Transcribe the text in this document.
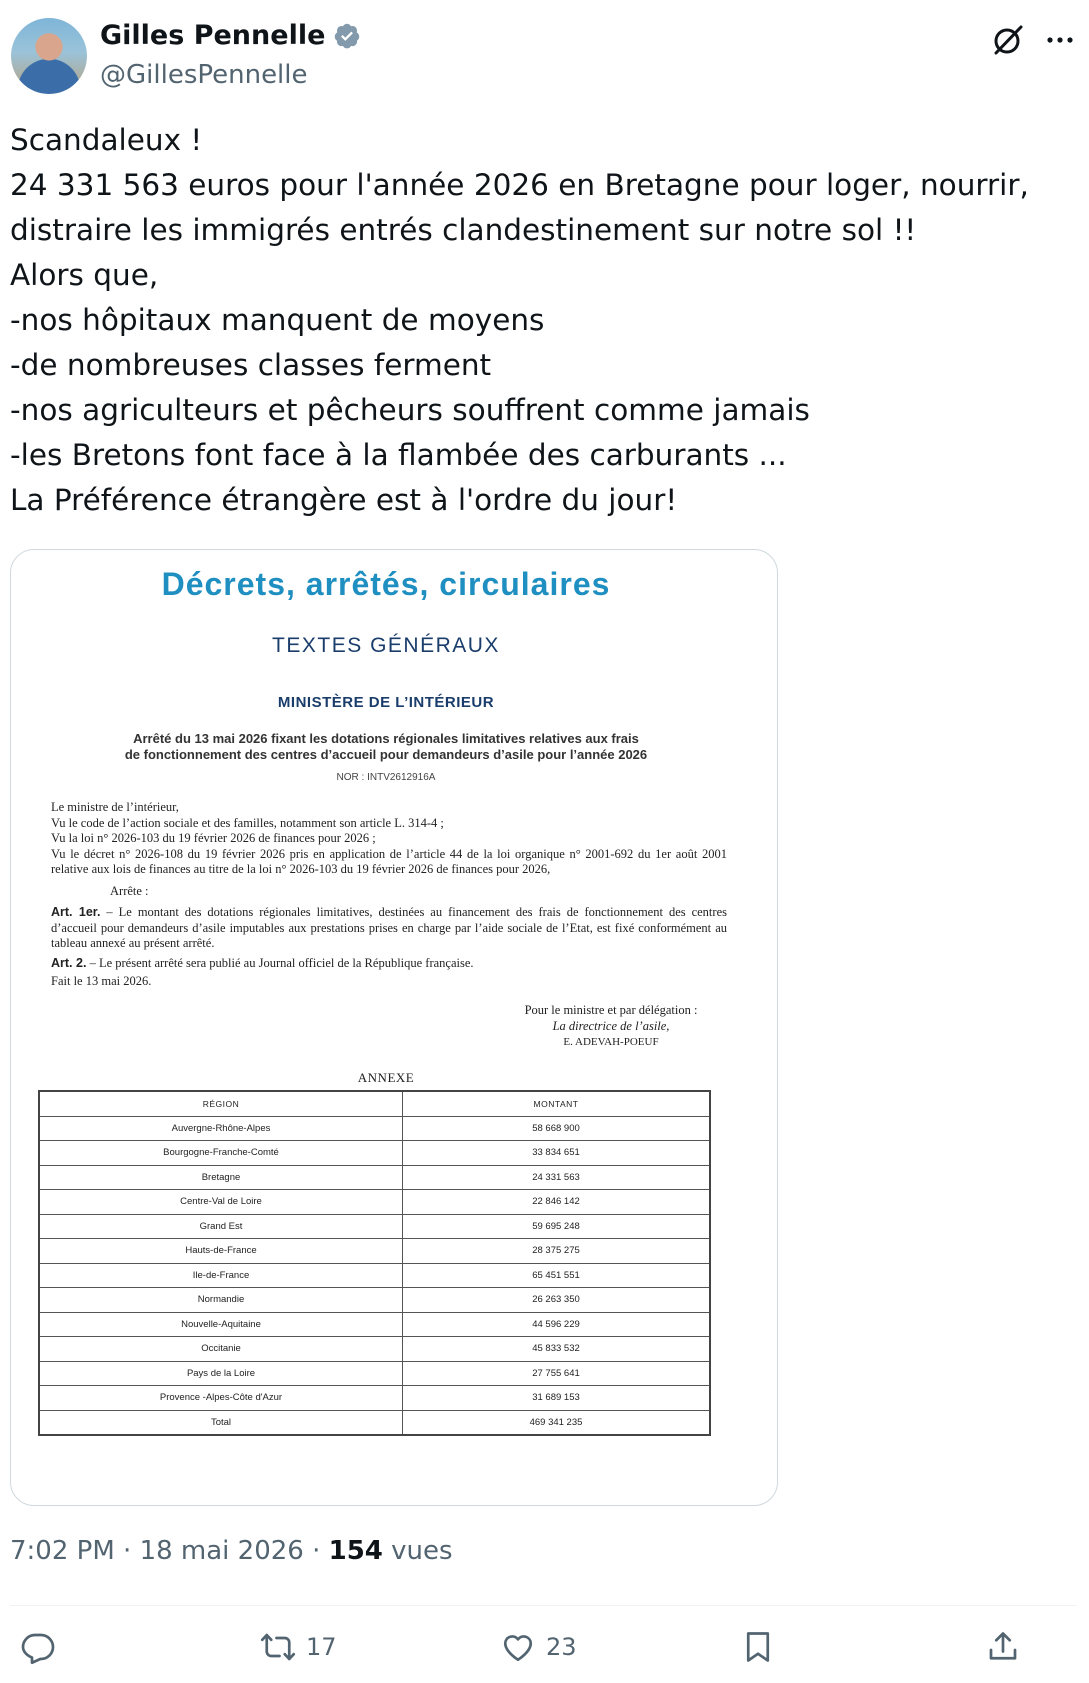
Gilles Pennelle
@GillesPennelle
Scandaleux !
24 331 563 euros pour l'année 2026 en Bretagne pour loger, nourrir,
distraire les immigrés entrés clandestinement sur notre sol !!
Alors que,
-nos hôpitaux manquent de moyens
-de nombreuses classes ferment
-nos agriculteurs et pêcheurs souffrent comme jamais
-les Bretons font face à la flambée des carburants ...
La Préférence étrangère est à l'ordre du jour!
Décrets, arrêtés, circulaires
TEXTES GÉNÉRAUX
MINISTÈRE DE L’INTÉRIEUR
Arrêté du 13 mai 2026 fixant les dotations régionales limitatives relatives aux frais
de fonctionnement des centres d’accueil pour demandeurs d’asile pour l’année 2026
NOR : INTV2612916A

Le ministre de l’intérieur,

Vu le code de l’action sociale et des familles, notamment son article L. 314-4 ;

Vu la loi n° 2026-103 du 19 février 2026 de finances pour 2026 ;

Vu le décret n° 2026-108 du 19 février 2026 pris en application de l’article 44 de la loi organique n° 2001-692 du 1er août 2001 relative aux lois de finances au titre de la loi n° 2026-103 du 19 février 2026 de finances pour 2026,

Arrête :

Art. 1er. – Le montant des dotations régionales limitatives, destinées au financement des frais de fonctionnement des centres d’accueil pour demandeurs d’asile imputables aux prestations prises en charge par l’aide sociale de l’Etat, est fixé conformément au tableau annexé au présent arrêté.

Art. 2. – Le présent arrêté sera publié au Journal officiel de la République française.

Fait le 13 mai 2026.

Pour le ministre et par délégation :
La directrice de l’asile,
E. ADEVAH-POEUF
ANNEXE
RÉGION	MONTANT
Auvergne-Rhône-Alpes	58 668 900
Bourgogne-Franche-Comté	33 834 651
Bretagne	24 331 563
Centre-Val de Loire	22 846 142
Grand Est	59 695 248
Hauts-de-France	28 375 275
Ile-de-France	65 451 551
Normandie	26 263 350
Nouvelle-Aquitaine	44 596 229
Occitanie	45 833 532
Pays de la Loire	27 755 641
Provence -Alpes-Côte d'Azur	31 689 153
Total	469 341 235
7:02 PM · 18 mai 2026 · 154 vues
17	23
